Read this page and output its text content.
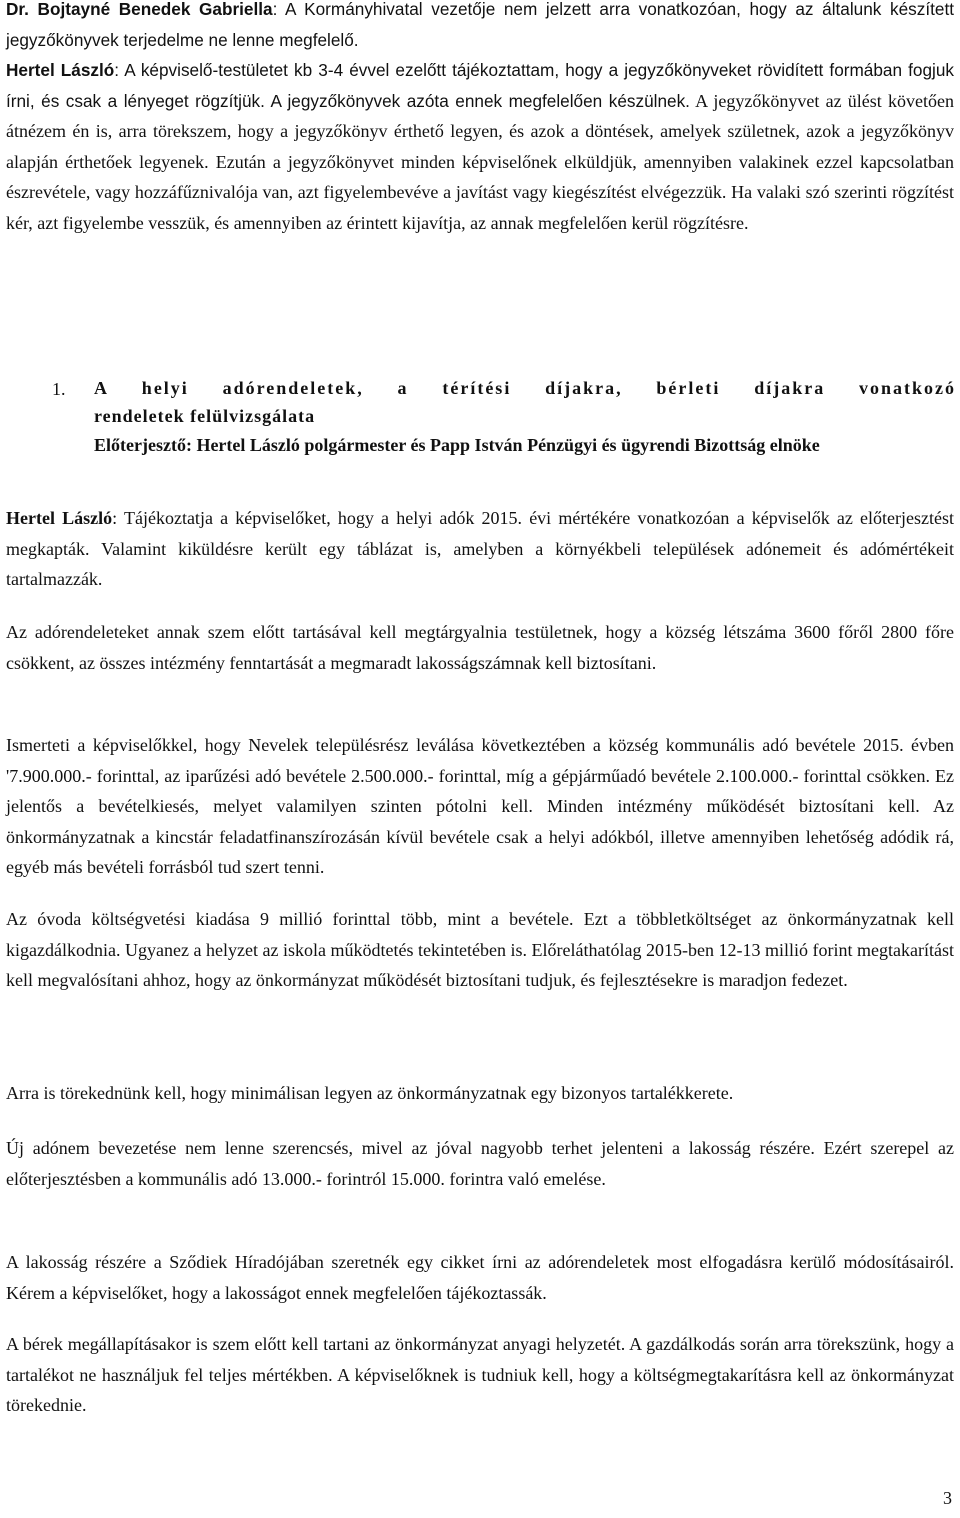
Dr. Bojtayné Benedek Gabriella: A Kormányhivatal vezetője nem jelzett arra vonatkozóan, hogy az általunk készített jegyzőkönyvek terjedelme ne lenne megfelelő.

Hertel László: A képviselő-testületet kb 3-4 évvel ezelőtt tájékoztattam, hogy a jegyzőkönyveket rövidített formában fogjuk írni, és csak a lényeget rögzítjük. A jegyzőkönyvek azóta ennek megfelelően készülnek. A jegyzőkönyvet az ülést követően átnézem én is, arra törekszem, hogy a jegyzőkönyv érthető legyen, és azok a döntések, amelyek születnek, azok a jegyzőkönyv alapján érthetőek legyenek. Ezután a jegyzőkönyvet minden képviselőnek elküldjük, amennyiben valakinek ezzel kapcsolatban észrevétele, vagy hozzáfűznivalója van, azt figyelembevéve a javítást vagy kiegészítést elvégezzük. Ha valaki szó szerinti rögzítést kér, azt figyelembe vesszük, és amennyiben az érintett kijavítja, az annak megfelelően kerül rögzítésre.

1. A helyi adórendeletek, a térítési díjakra, bérleti díjakra vonatkozó

rendeletek felülvizsgálata

Előterjesztő: Hertel László polgármester és Papp István Pénzügyi és ügyrendi Bizottság elnöke

Hertel László: Tájékoztatja a képviselőket, hogy a helyi adók 2015. évi mértékére vonatkozóan a képviselők az előterjesztést megkapták. Valamint kiküldésre került egy táblázat is, amelyben a környékbeli települések adónemeit és adómértékeit tartalmazzák.

Az adórendeleteket annak szem előtt tartásával kell megtárgyalnia testületnek, hogy a község létszáma 3600 főről 2800 főre csökkent, az összes intézmény fenntartását a megmaradt lakosságszámnak kell biztosítani.

Ismerteti a képviselőkkel, hogy Nevelek településrész leválása következtében a község kommunális adó bevétele 2015. évben '7.900.000.- forinttal, az iparűzési adó bevétele 2.500.000.- forinttal, míg a gépjárműadó bevétele 2.100.000.- forinttal csökken. Ez jelentős a bevételkiesés, melyet valamilyen szinten pótolni kell. Minden intézmény működését biztosítani kell. Az önkormányzatnak a kincstár feladatfinanszírozásán kívül bevétele csak a helyi adókból, illetve amennyiben lehetőség adódik rá, egyéb más bevételi forrásból tud szert tenni.

Az óvoda költségvetési kiadása 9 millió forinttal több, mint a bevétele. Ezt a többletköltséget az önkormányzatnak kell kigazdálkodnia. Ugyanez a helyzet az iskola működtetés tekintetében is. Előreláthatólag 2015-ben 12-13 millió forint megtakarítást kell megvalósítani ahhoz, hogy az önkormányzat működését biztosítani tudjuk, és fejlesztésekre is maradjon fedezet.

Arra is törekednünk kell, hogy minimálisan legyen az önkormányzatnak egy bizonyos tartalékkerete.

Új adónem bevezetése nem lenne szerencsés, mivel az jóval nagyobb terhet jelenteni a lakosság részére. Ezért szerepel az előterjesztésben a kommunális adó 13.000.- forintról 15.000. forintra való emelése.

A lakosság részére a Sződiek Híradójában szeretnék egy cikket írni az adórendeletek most elfogadásra kerülő módosításairól. Kérem a képviselőket, hogy a lakosságot ennek megfelelően tájékoztassák.

A bérek megállapításakor is szem előtt kell tartani az önkormányzat anyagi helyzetét. A gazdálkodás során arra törekszünk, hogy a tartalékot ne használjuk fel teljes mértékben. A képviselőknek is tudniuk kell, hogy a költségmegtakarításra kell az önkormányzat törekednie.

3
